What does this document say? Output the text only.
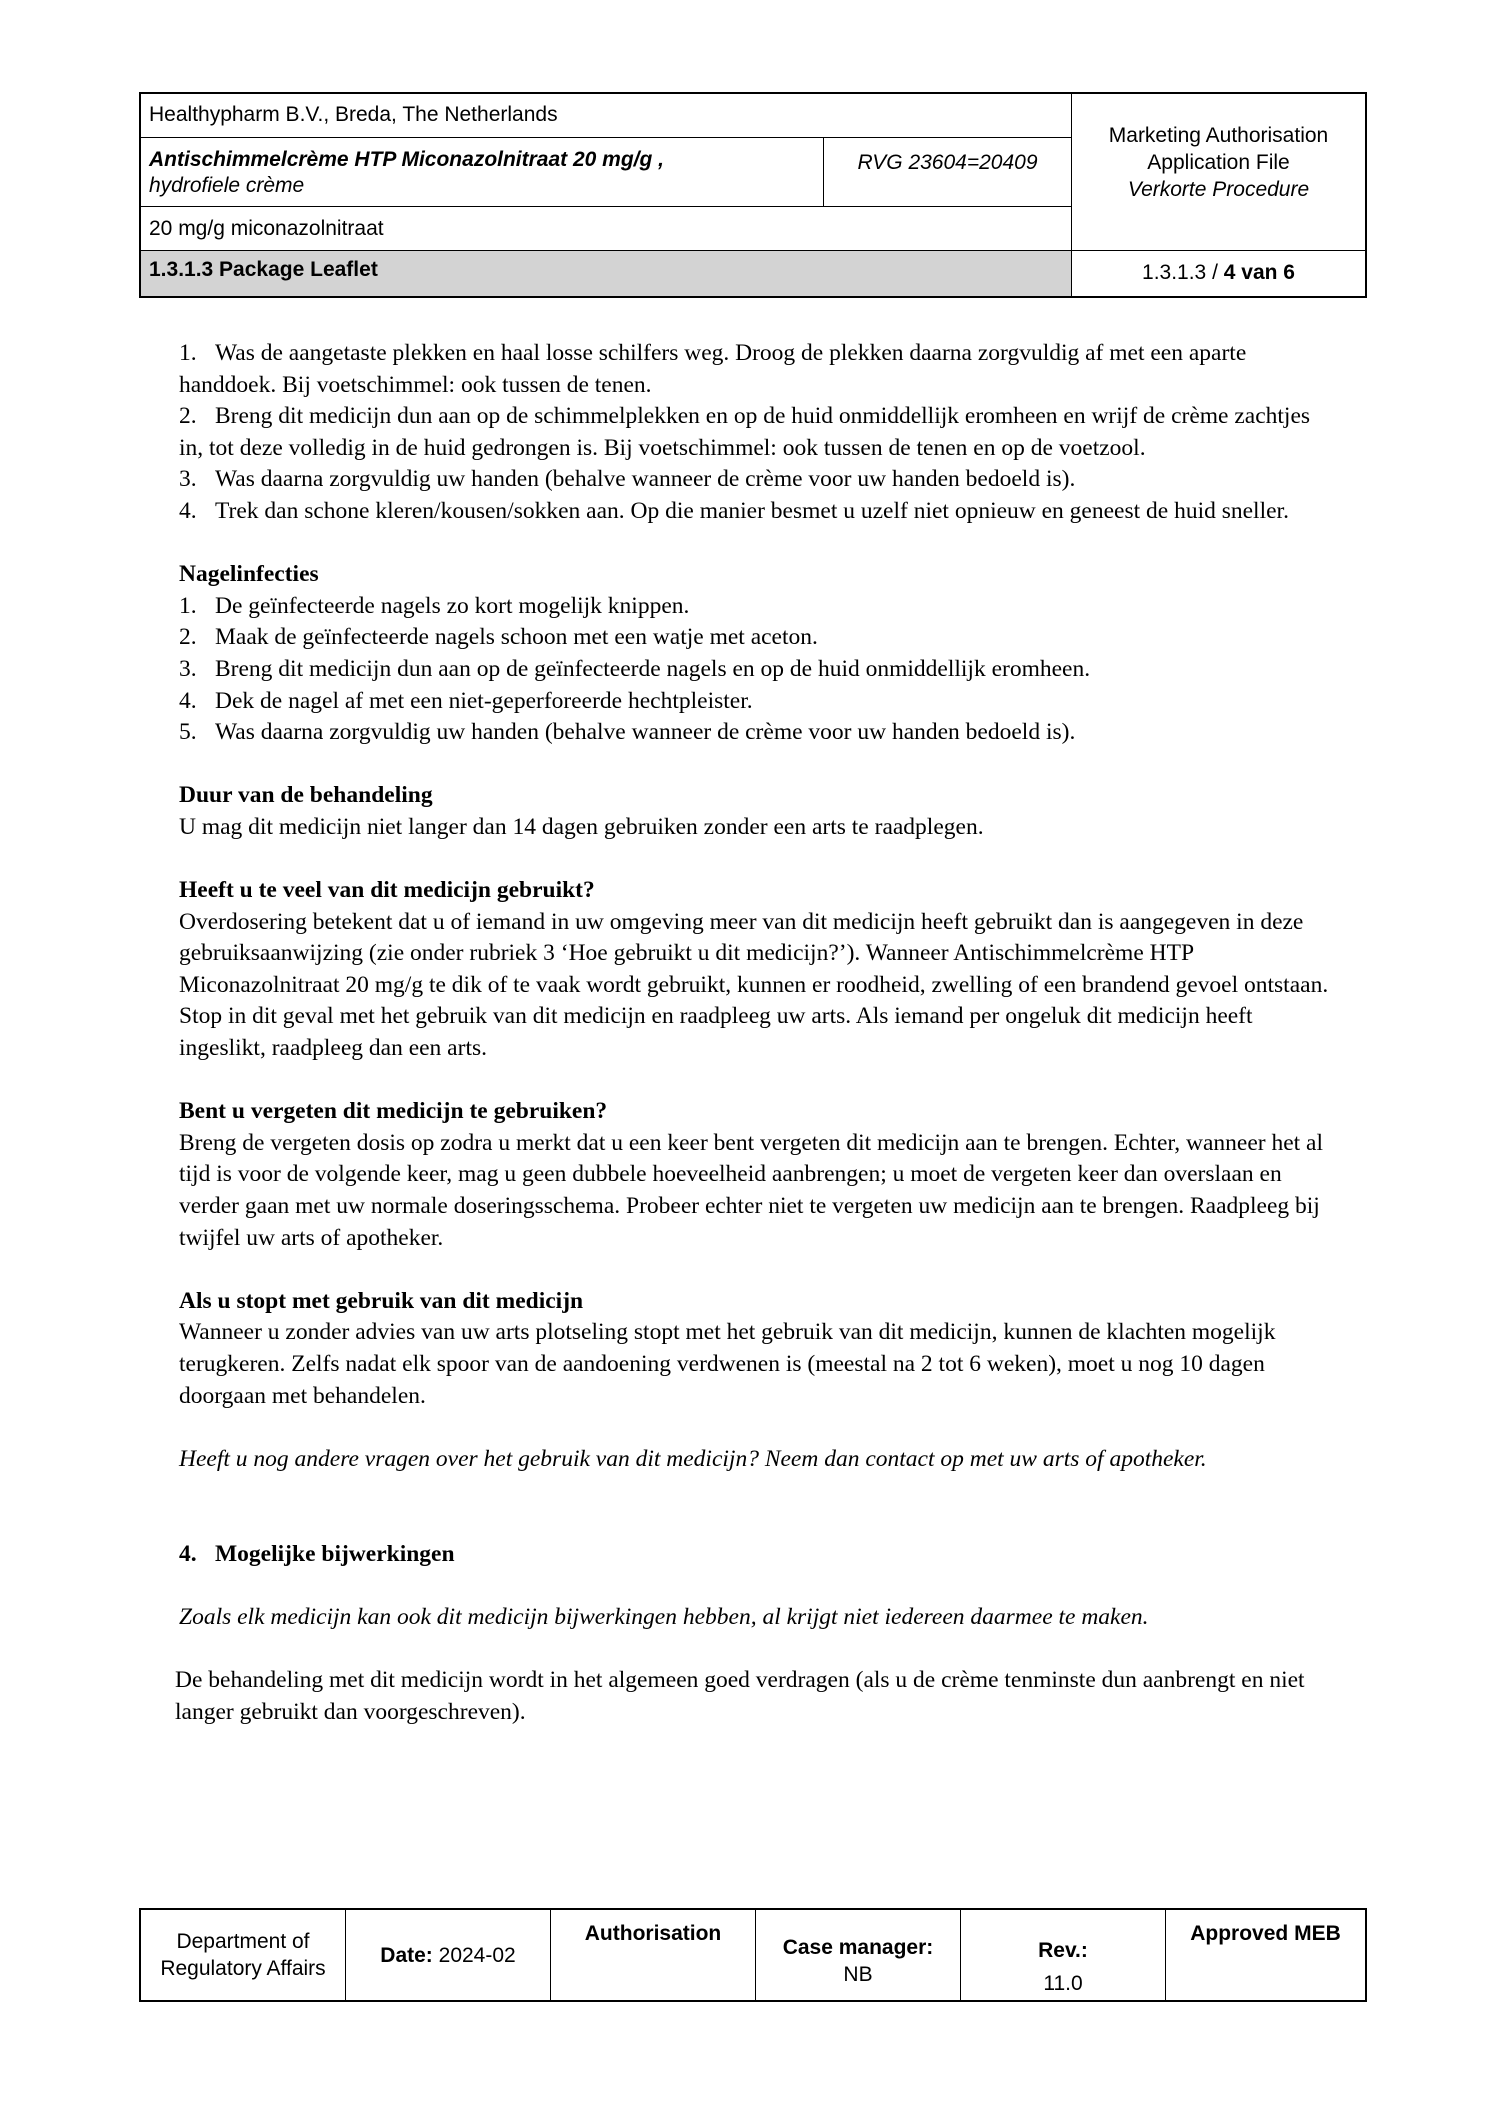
Healthypharm B.V., Breda, The Netherlands
Antischimmelcrème HTP Miconazolnitraat 20 mg/g ,
hydrofiele crème
RVG 23604=20409
20 mg/g miconazolnitraat
1.3.1.3 Package Leaflet
Marketing Authorisation
Application File
Verkorte Procedure
1.3.1.3 / 4 van 6

1. Was de aangetaste plekken en haal losse schilfers weg. Droog de plekken daarna zorgvuldig af met een aparte handdoek. Bij voetschimmel: ook tussen de tenen.

2. Breng dit medicijn dun aan op de schimmelplekken en op de huid onmiddellijk eromheen en wrijf de crème zachtjes in, tot deze volledig in de huid gedrongen is. Bij voetschimmel: ook tussen de tenen en op de voetzool.

3. Was daarna zorgvuldig uw handen (behalve wanneer de crème voor uw handen bedoeld is).

4. Trek dan schone kleren/kousen/sokken aan. Op die manier besmet u uzelf niet opnieuw en geneest de huid sneller.

Nagelinfecties

1. De geïnfecteerde nagels zo kort mogelijk knippen.

2. Maak de geïnfecteerde nagels schoon met een watje met aceton.

3. Breng dit medicijn dun aan op de geïnfecteerde nagels en op de huid onmiddellijk eromheen.

4. Dek de nagel af met een niet-geperforeerde hechtpleister.

5. Was daarna zorgvuldig uw handen (behalve wanneer de crème voor uw handen bedoeld is).

Duur van de behandeling

U mag dit medicijn niet langer dan 14 dagen gebruiken zonder een arts te raadplegen.

Heeft u te veel van dit medicijn gebruikt?

Overdosering betekent dat u of iemand in uw omgeving meer van dit medicijn heeft gebruikt dan is aangegeven in deze gebruiksaanwijzing (zie onder rubriek 3 ‘Hoe gebruikt u dit medicijn?’). Wanneer Antischimmelcrème HTP Miconazolnitraat 20 mg/g te dik of te vaak wordt gebruikt, kunnen er roodheid, zwelling of een brandend gevoel ontstaan. Stop in dit geval met het gebruik van dit medicijn en raadpleeg uw arts. Als iemand per ongeluk dit medicijn heeft ingeslikt, raadpleeg dan een arts.

Bent u vergeten dit medicijn te gebruiken?

Breng de vergeten dosis op zodra u merkt dat u een keer bent vergeten dit medicijn aan te brengen. Echter, wanneer het al tijd is voor de volgende keer, mag u geen dubbele hoeveelheid aanbrengen; u moet de vergeten keer dan overslaan en verder gaan met uw normale doseringsschema. Probeer echter niet te vergeten uw medicijn aan te brengen. Raadpleeg bij twijfel uw arts of apotheker.

Als u stopt met gebruik van dit medicijn

Wanneer u zonder advies van uw arts plotseling stopt met het gebruik van dit medicijn, kunnen de klachten mogelijk terugkeren. Zelfs nadat elk spoor van de aandoening verdwenen is (meestal na 2 tot 6 weken), moet u nog 10 dagen doorgaan met behandelen.

Heeft u nog andere vragen over het gebruik van dit medicijn? Neem dan contact op met uw arts of apotheker.

4. Mogelijke bijwerkingen

Zoals elk medicijn kan ook dit medicijn bijwerkingen hebben, al krijgt niet iedereen daarmee te maken.

De behandeling met dit medicijn wordt in het algemeen goed verdragen (als u de crème tenminste dun aanbrengt en niet langer gebruikt dan voorgeschreven).

Department of
Regulatory Affairs
Date: 2024-02
Authorisation
Case manager:
NB
Rev.:
11.0
Approved MEB
